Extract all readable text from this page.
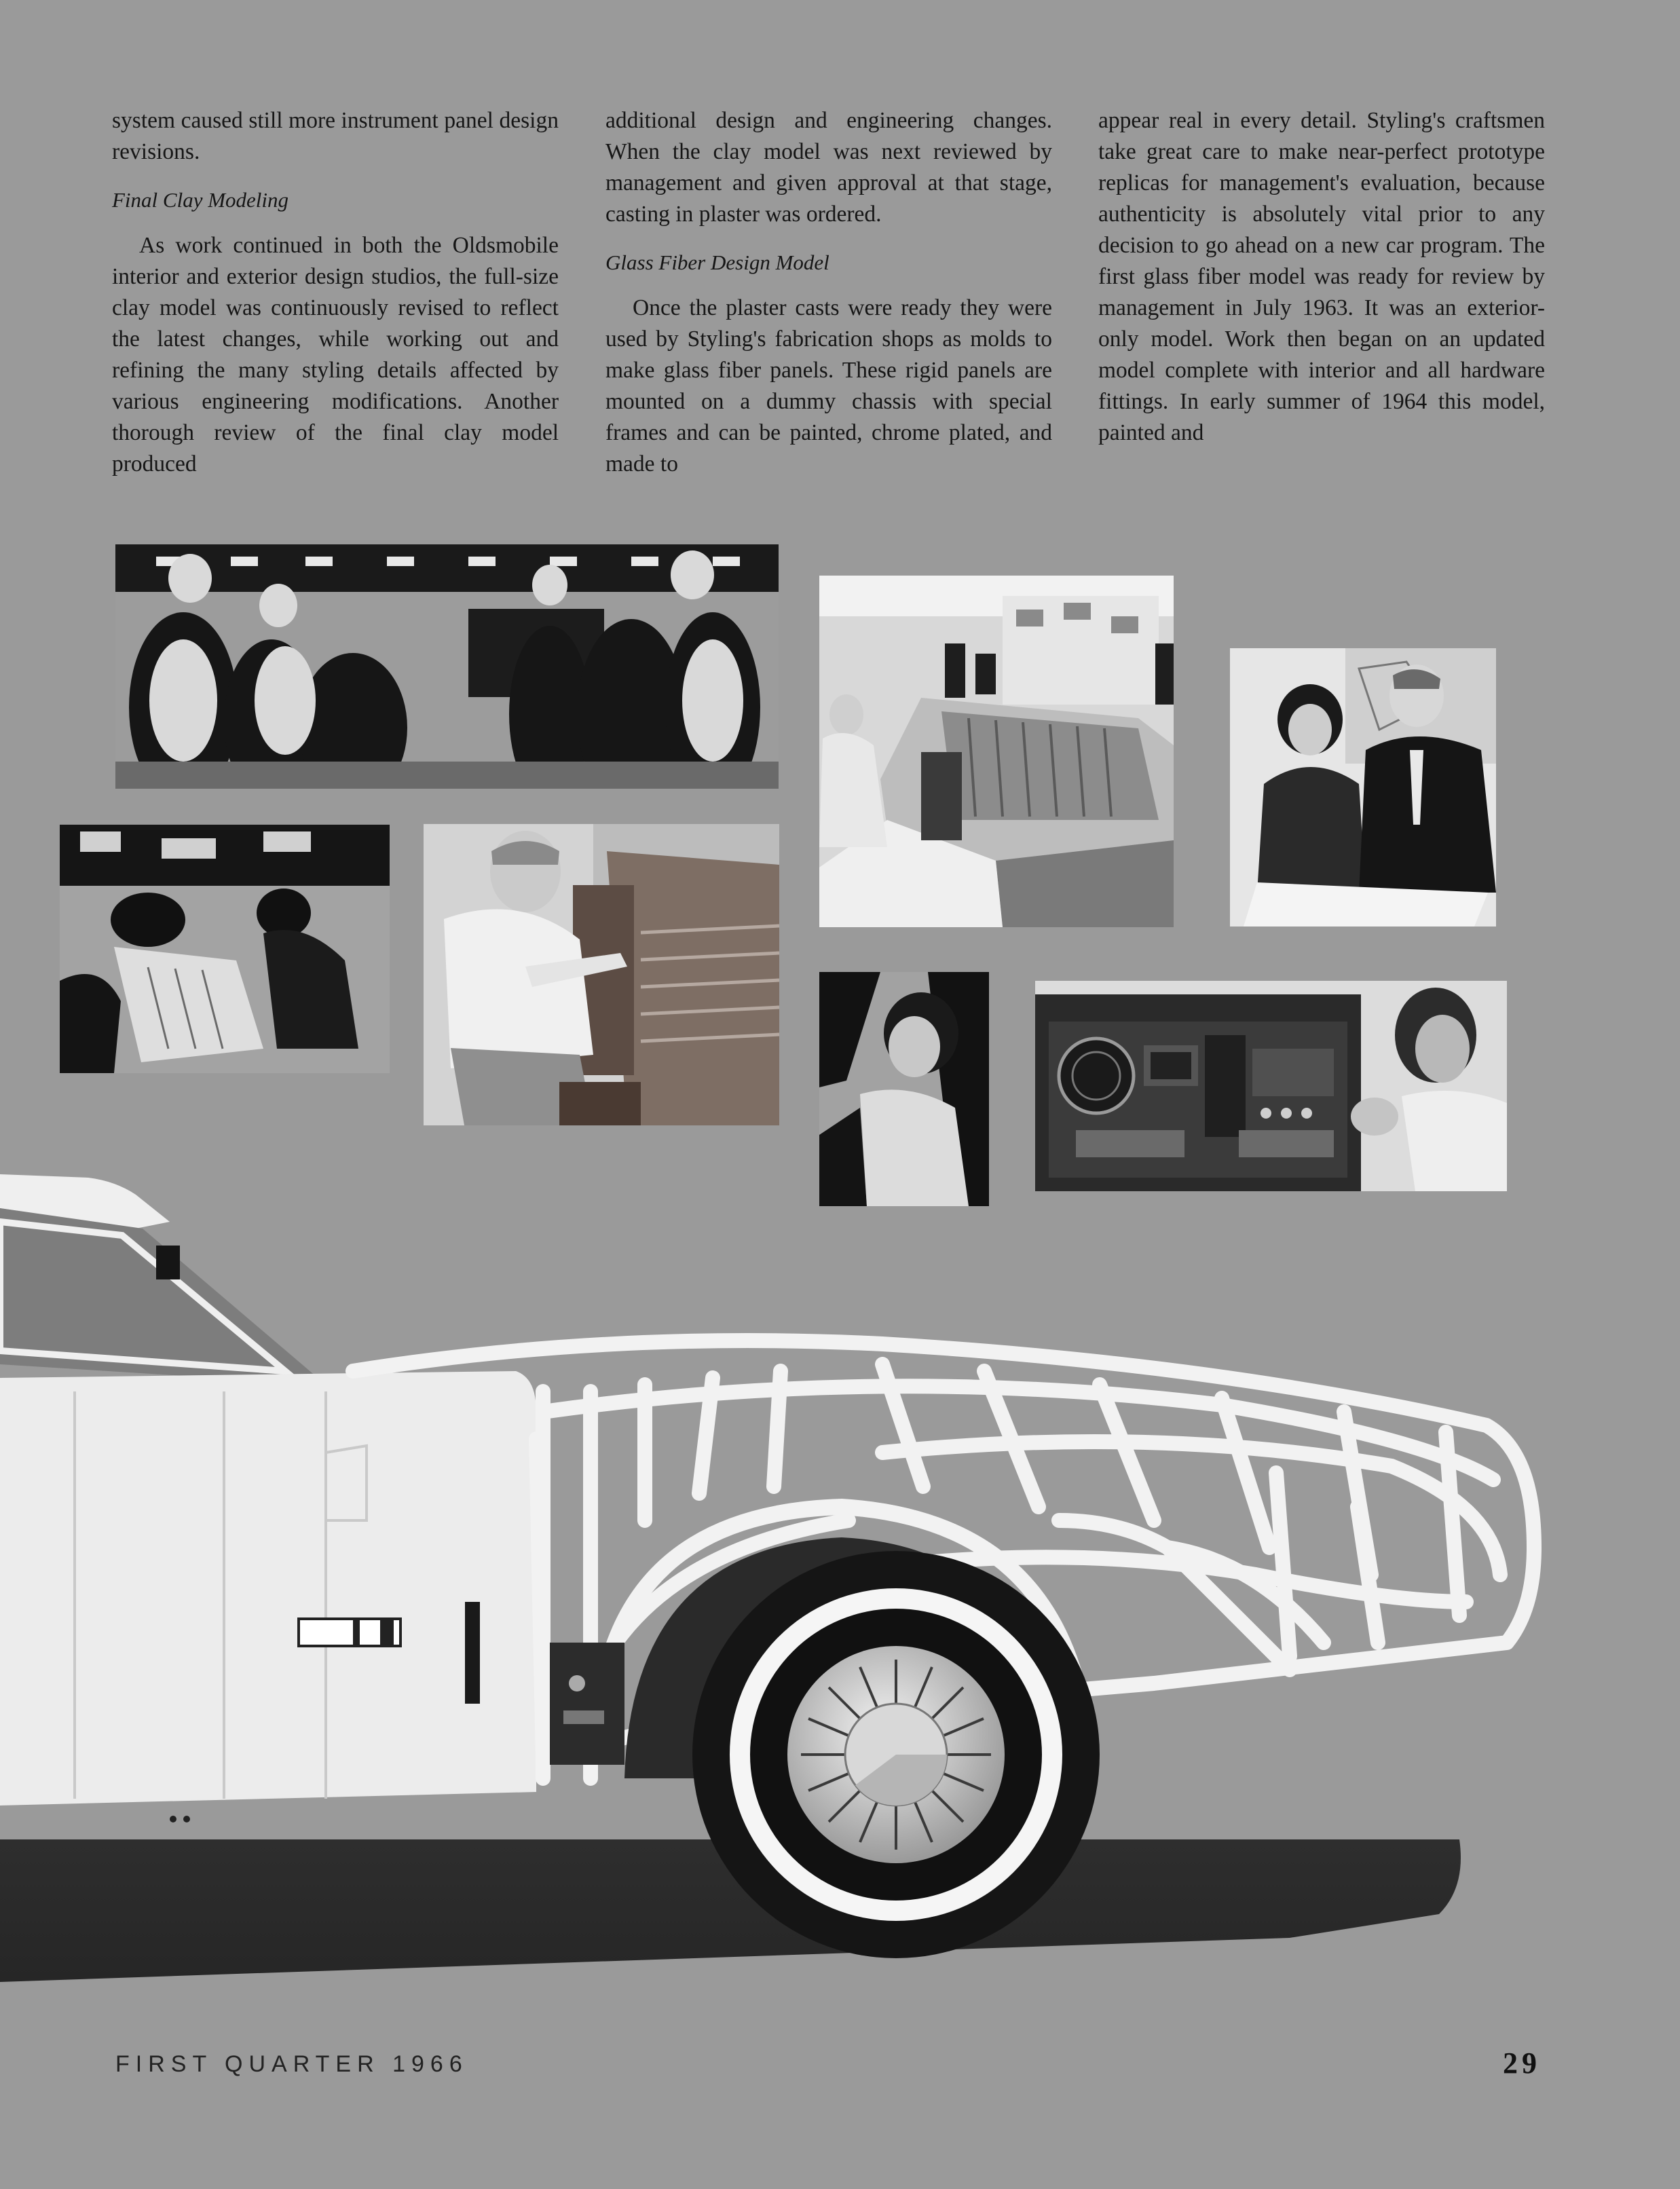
system caused still more instrument panel design revisions.

Final Clay Modeling

As work continued in both the Oldsmobile interior and exterior design studios, the full-size clay model was continuously revised to reflect the latest changes, while working out and refining the many styling details affected by various engineering modifications. Another thorough review of the final clay model produced

additional design and engineering changes. When the clay model was next reviewed by management and given approval at that stage, casting in plaster was ordered.

Glass Fiber Design Model

Once the plaster casts were ready they were used by Styling's fabrication shops as molds to make glass fiber panels. These rigid panels are mounted on a dummy chassis with special frames and can be painted, chrome plated, and made to

appear real in every detail. Styling's craftsmen take great care to make near-perfect prototype replicas for management's evaluation, because authenticity is absolutely vital prior to any decision to go ahead on a new car program. The first glass fiber model was ready for review by management in July 1963. It was an exterior-only model. Work then began on an updated model complete with interior and all hardware fittings. In early summer of 1964 this model, painted and

FIRST QUARTER 1966	29
